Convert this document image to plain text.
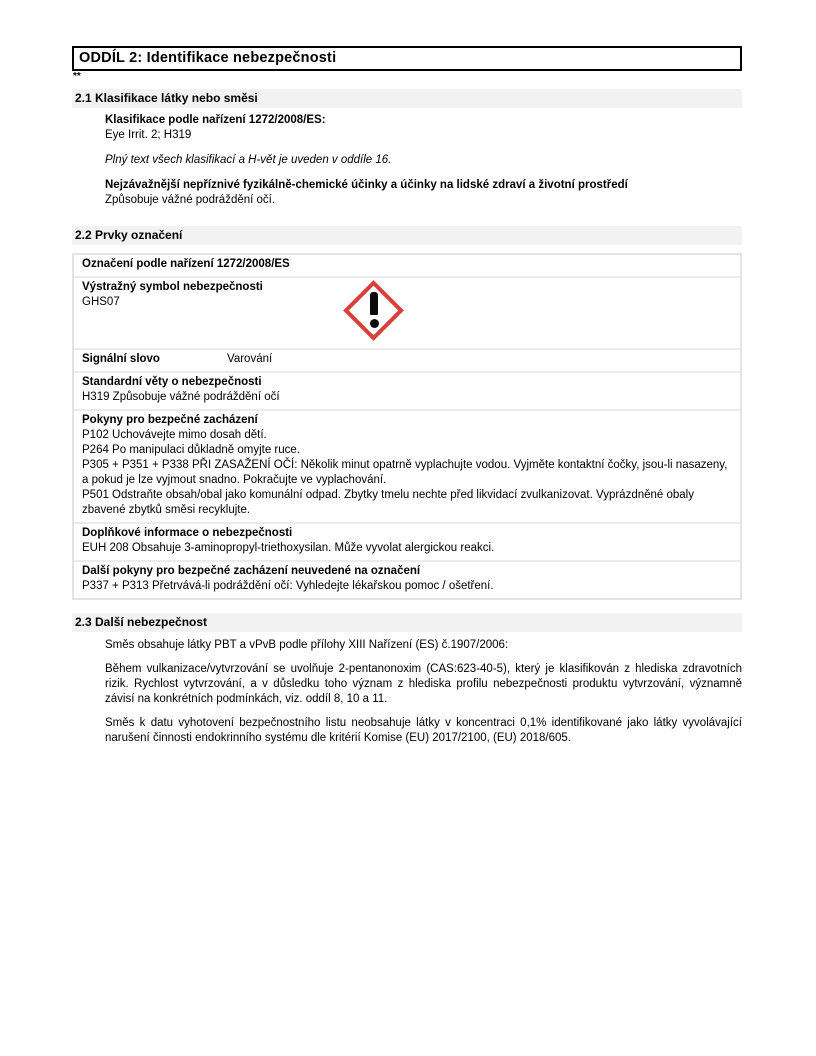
ODDÍL 2: Identifikace nebezpečnosti
**
2.1 Klasifikace látky nebo směsi

Klasifikace podle nařízení 1272/2008/ES:

Eye Irrit. 2; H319

Plný text všech klasifikací a H-vět je uveden v oddíle 16.

Nejzávažnější nepříznivé fyzikálně-chemické účinky a účinky na lidské zdraví a životní prostředí

Způsobuje vážné podráždění očí.

2.2 Prvky označení
Označení podle nařízení 1272/2008/ES
Výstražný symbol nebezpečnosti
GHS07
Signální slovo	Varování
Standardní věty o nebezpečnosti
H319 Způsobuje vážné podráždění očí
Pokyny pro bezpečné zacházení
P102 Uchovávejte mimo dosah dětí.
P264 Po manipulaci důkladně omyjte ruce.
P305 + P351 + P338 PŘI ZASAŽENÍ OČÍ: Několik minut opatrně vyplachujte vodou. Vyjměte kontaktní čočky, jsou-li nasazeny, a pokud je lze vyjmout snadno. Pokračujte ve vyplachování.
P501 Odstraňte obsah/obal jako komunální odpad. Zbytky tmelu nechte před likvidací zvulkanizovat. Vyprázdněné obaly zbavené zbytků směsi recyklujte.
Doplňkové informace o nebezpečnosti
EUH 208 Obsahuje 3-aminopropyl-triethoxysilan. Může vyvolat alergickou reakci.
Další pokyny pro bezpečné zacházení neuvedené na označení
P337 + P313 Přetrvává-li podráždění očí: Vyhledejte lékařskou pomoc / ošetření.
2.3 Další nebezpečnost

Směs obsahuje látky PBT a vPvB podle přílohy XIII Nařízení (ES) č.1907/2006:

Během vulkanizace/vytvrzování se uvolňuje 2-pentanonoxim (CAS:623-40-5), který je klasifikován z hlediska zdravotních rizik. Rychlost vytvrzování, a v důsledku toho význam z hlediska profilu nebezpečnosti produktu vytvrzování, významně závisí na konkrétních podmínkách, viz. oddíl 8, 10 a 11.

Směs k datu vyhotovení bezpečnostního listu neobsahuje látky v koncentraci 0,1% identifikované jako látky vyvolávající narušení činnosti endokrinního systému dle kritérií Komise (EU) 2017/2100, (EU) 2018/605.
